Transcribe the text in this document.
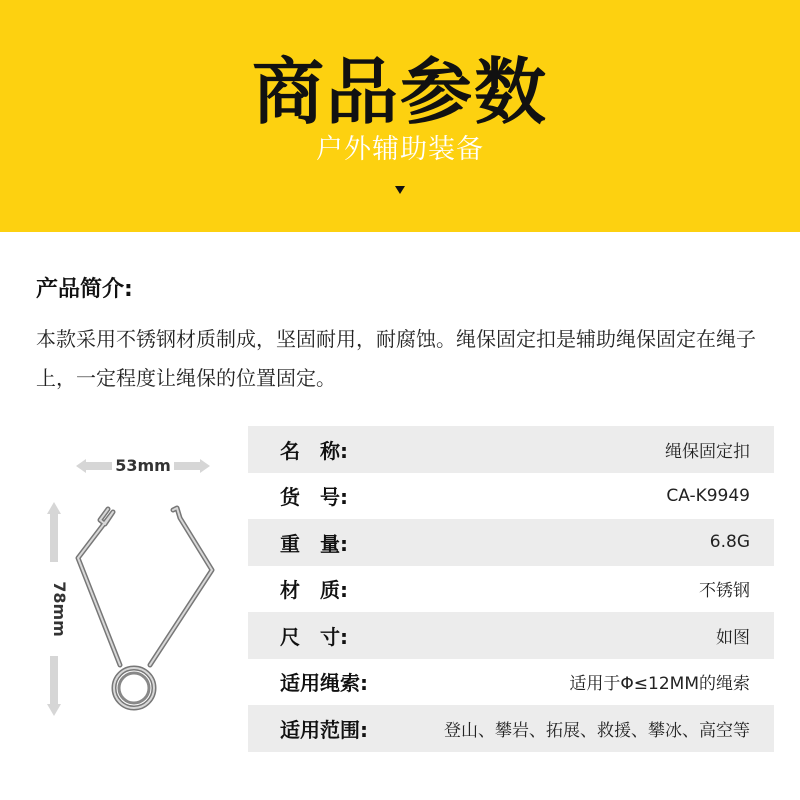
商品参数
户外辅助装备
产品简介:
本款采用不锈钢材质制成，坚固耐用，耐腐蚀。绳保固定扣是辅助绳保固定在绳子上，一定程度让绳保的位置固定。
53mm
78mm
名　称:	绳保固定扣
货　号:	CA-K9949
重　量:	6.8G
材　质:	不锈钢
尺　寸:	如图
适用绳索:	适用于Φ≤12MM的绳索
适用范围:	登山、攀岩、拓展、救援、攀冰、高空等
